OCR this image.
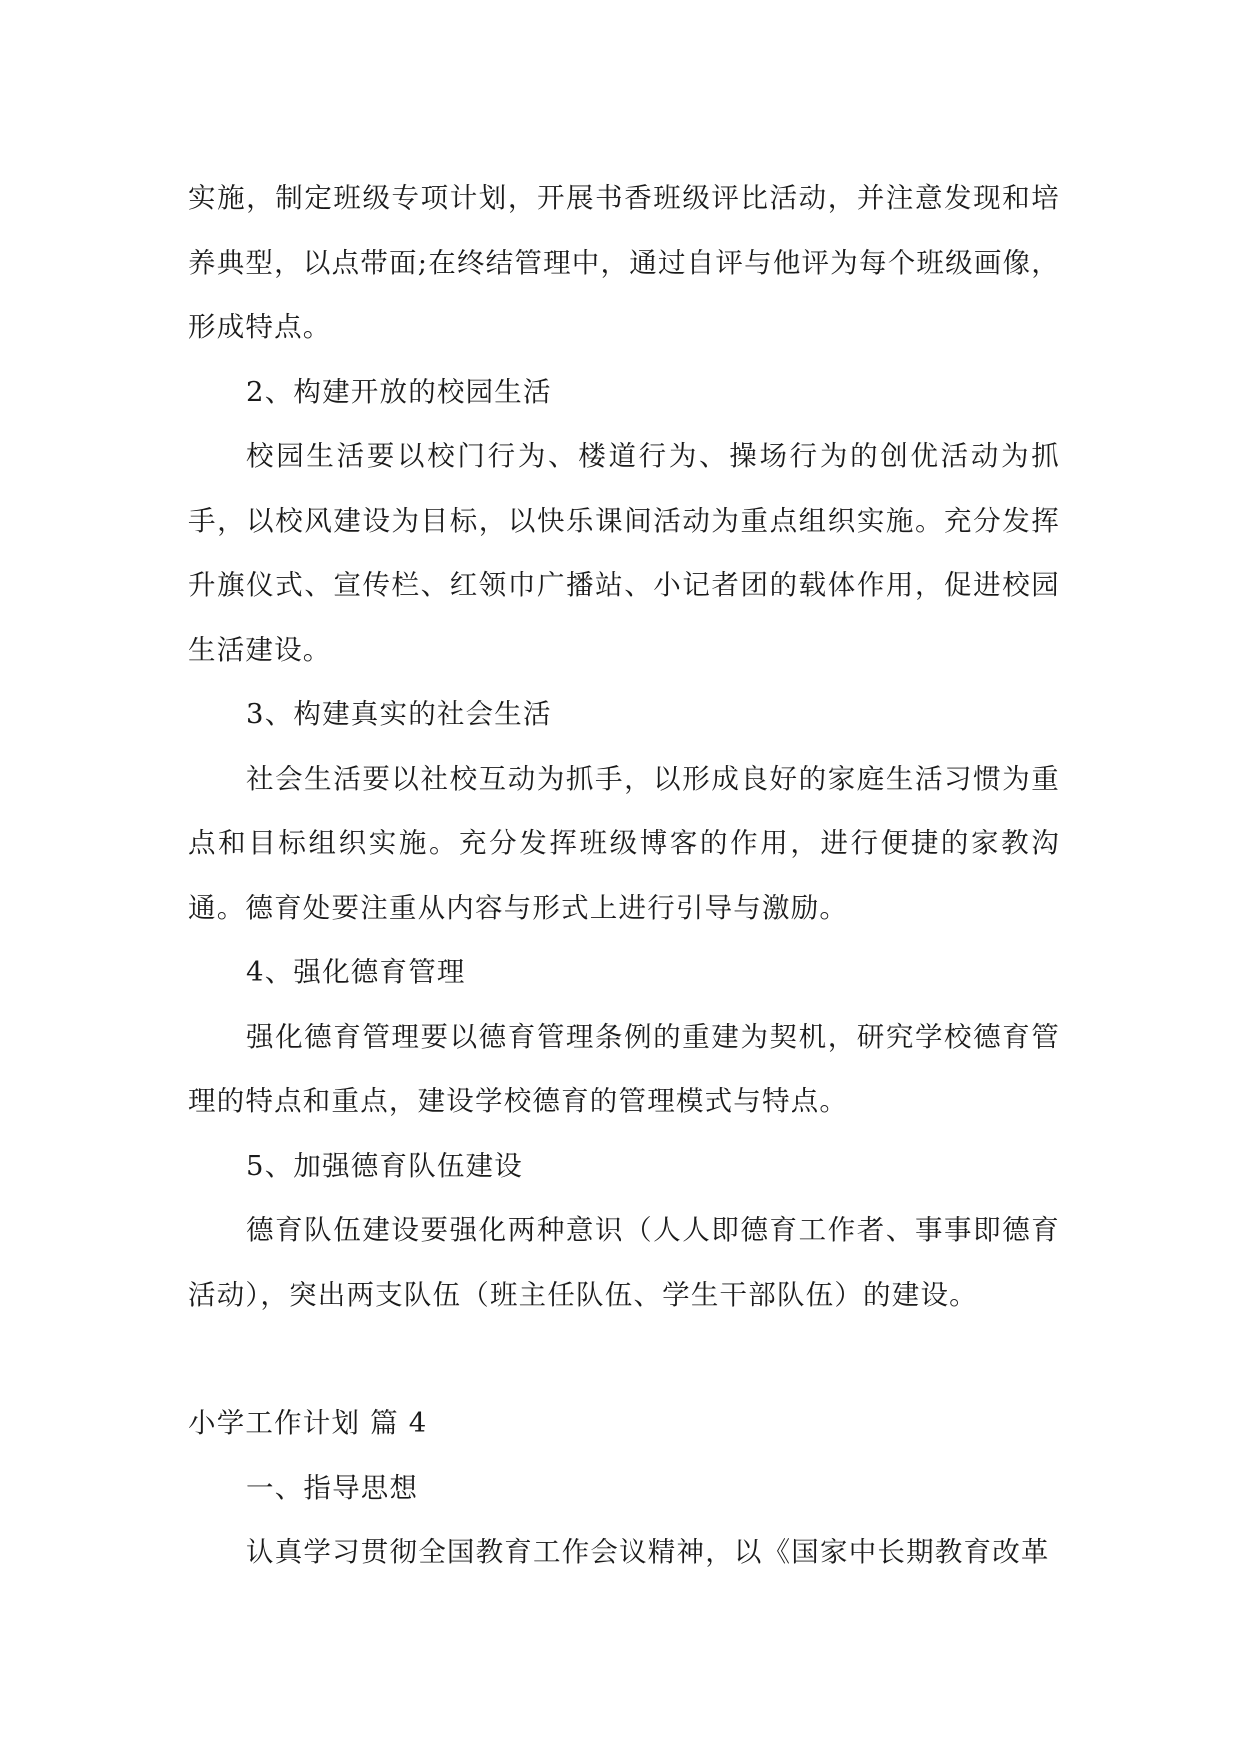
实施，制定班级专项计划，开展书香班级评比活动，并注意发现和培养典型，以点带面;在终结管理中，通过自评与他评为每个班级画像，形成特点。

2、构建开放的校园生活

校园生活要以校门行为、楼道行为、操场行为的创优活动为抓手，以校风建设为目标，以快乐课间活动为重点组织实施。充分发挥升旗仪式、宣传栏、红领巾广播站、小记者团的载体作用，促进校园生活建设。

3、构建真实的社会生活

社会生活要以社校互动为抓手，以形成良好的家庭生活习惯为重点和目标组织实施。充分发挥班级博客的作用，进行便捷的家教沟通。德育处要注重从内容与形式上进行引导与激励。

4、强化德育管理

强化德育管理要以德育管理条例的重建为契机，研究学校德育管理的特点和重点，建设学校德育的管理模式与特点。

5、加强德育队伍建设

德育队伍建设要强化两种意识（人人即德育工作者、事事即德育活动），突出两支队伍（班主任队伍、学生干部队伍）的建设。

小学工作计划 篇 4

一、指导思想

认真学习贯彻全国教育工作会议精神，以《国家中长期教育改革
